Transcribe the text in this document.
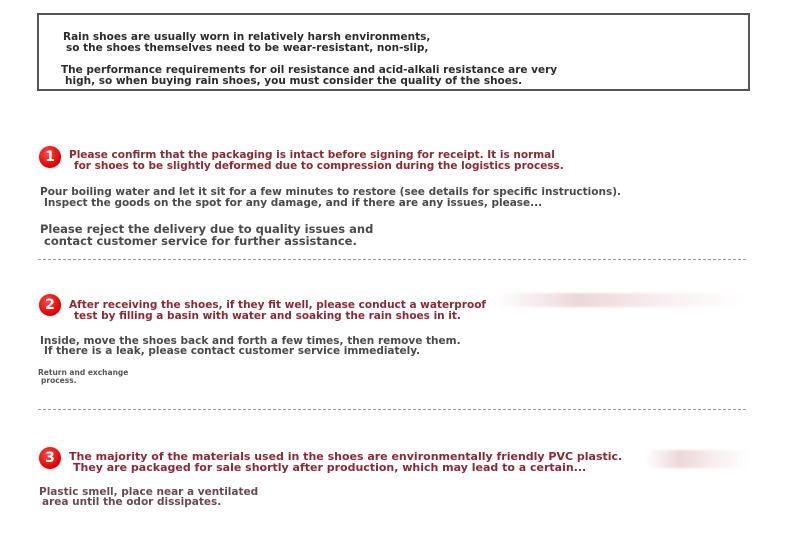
Rain shoes are usually worn in relatively harsh environments,
so the shoes themselves need to be wear-resistant, non-slip,
The performance requirements for oil resistance and acid-alkali resistance are very
high, so when buying rain shoes, you must consider the quality of the shoes.
1	Please confirm that the packaging is intact before signing for receipt. It is normal
for shoes to be slightly deformed due to compression during the logistics process.
Pour boiling water and let it sit for a few minutes to restore (see details for specific instructions).
Inspect the goods on the spot for any damage, and if there are any issues, please...
Please reject the delivery due to quality issues and
contact customer service for further assistance.
2	After receiving the shoes, if they fit well, please conduct a waterproof
test by filling a basin with water and soaking the rain shoes in it.
Inside, move the shoes back and forth a few times, then remove them.
If there is a leak, please contact customer service immediately.
Return and exchange
process.
3	The majority of the materials used in the shoes are environmentally friendly PVC plastic.
They are packaged for sale shortly after production, which may lead to a certain...
Plastic smell, place near a ventilated
area until the odor dissipates.
